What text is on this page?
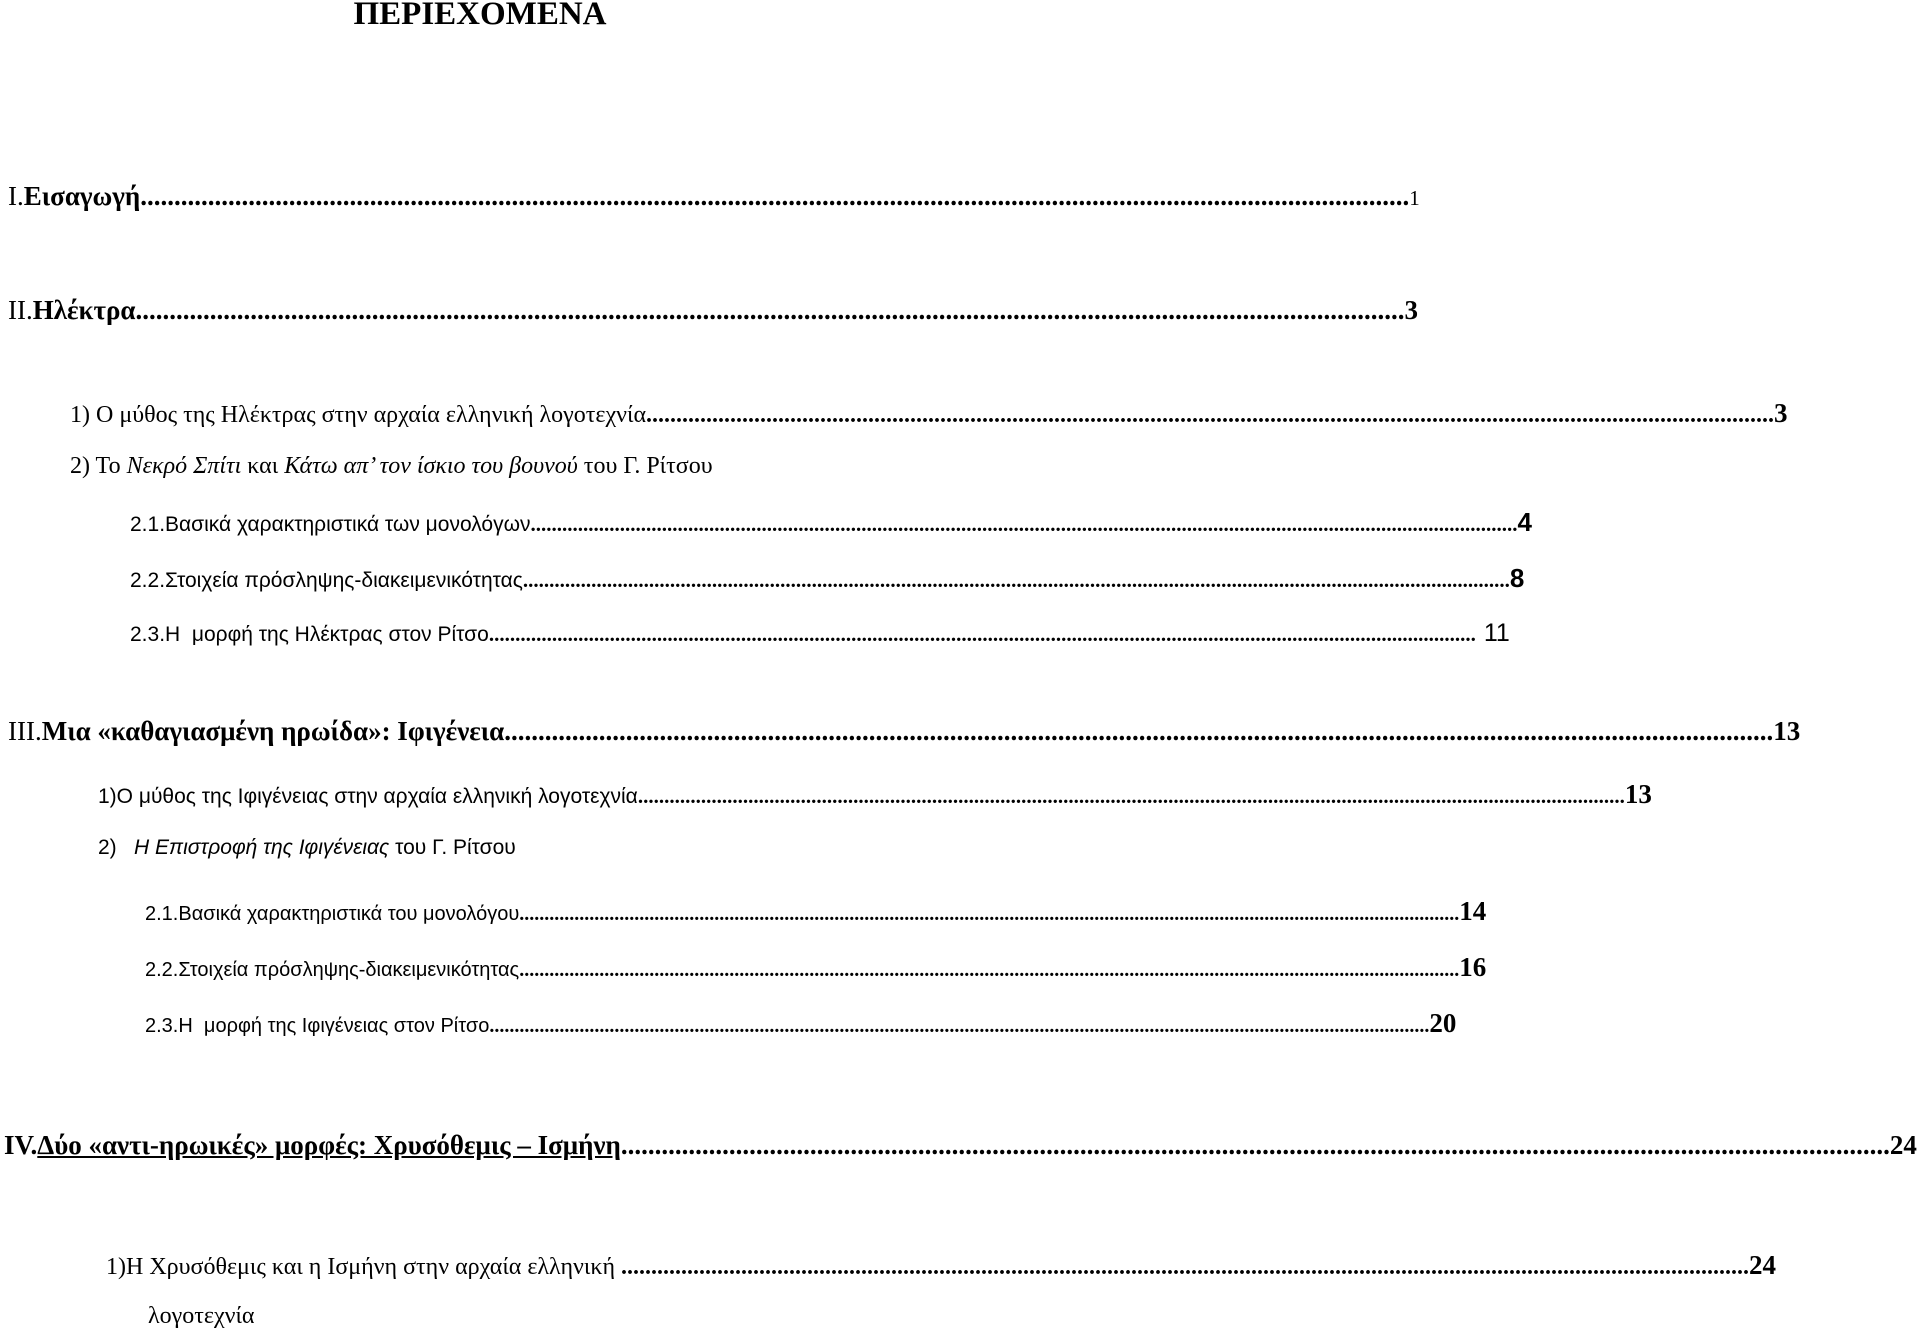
ΠΕΡΙΕΧΟΜΕΝΑ
Ι. Εισαγωγή ............................................................................................................................................................................................ 1
ΙΙ. Ηλέκτρα ............................................................................................................................................................................................ 3
1) Ο μύθος της Ηλέκτρας στην αρχαία ελληνική λογοτεχνία ............................................................................................................................................................................................ 3
2) Το Νεκρό Σπίτι και Κάτω απ’ τον ίσκιο του βουνού του Γ. Ρίτσου
2.1. Βασικά χαρακτηριστικά των μονολόγων ............................................................................................................................................................................................ 4
2.2. Στοιχεία πρόσληψης-διακειμενικότητας ............................................................................................................................................................................................ 8
2.3. Η  μορφή της Ηλέκτρας στον Ρίτσο ............................................................................................................................................................................................ 11
ΙΙΙ. Μια «καθαγιασμένη ηρωίδα»: Ιφιγένεια ............................................................................................................................................................................................ 13
1)Ο μύθος της Ιφιγένειας στην αρχαία ελληνική λογοτεχνία ............................................................................................................................................................................................ 13
2) Η Επιστροφή της Ιφιγένειας του Γ. Ρίτσου
2.1. Βασικά χαρακτηριστικά του μονολόγου ............................................................................................................................................................................................ 14
2.2. Στοιχεία πρόσληψης-διακειμενικότητας ............................................................................................................................................................................................ 16
2.3. Η  μορφή της Ιφιγένειας στον Ρίτσο ............................................................................................................................................................................................ 20
IV. Δύο «αντι-ηρωικές» μορφές: Χρυσόθεμις – Ισμήνη ............................................................................................................................................................................................ 24
1) Η Χρυσόθεμις και η Ισμήνη στην αρχαία ελληνική ............................................................................................................................................................................................ 24
λογοτεχνία
